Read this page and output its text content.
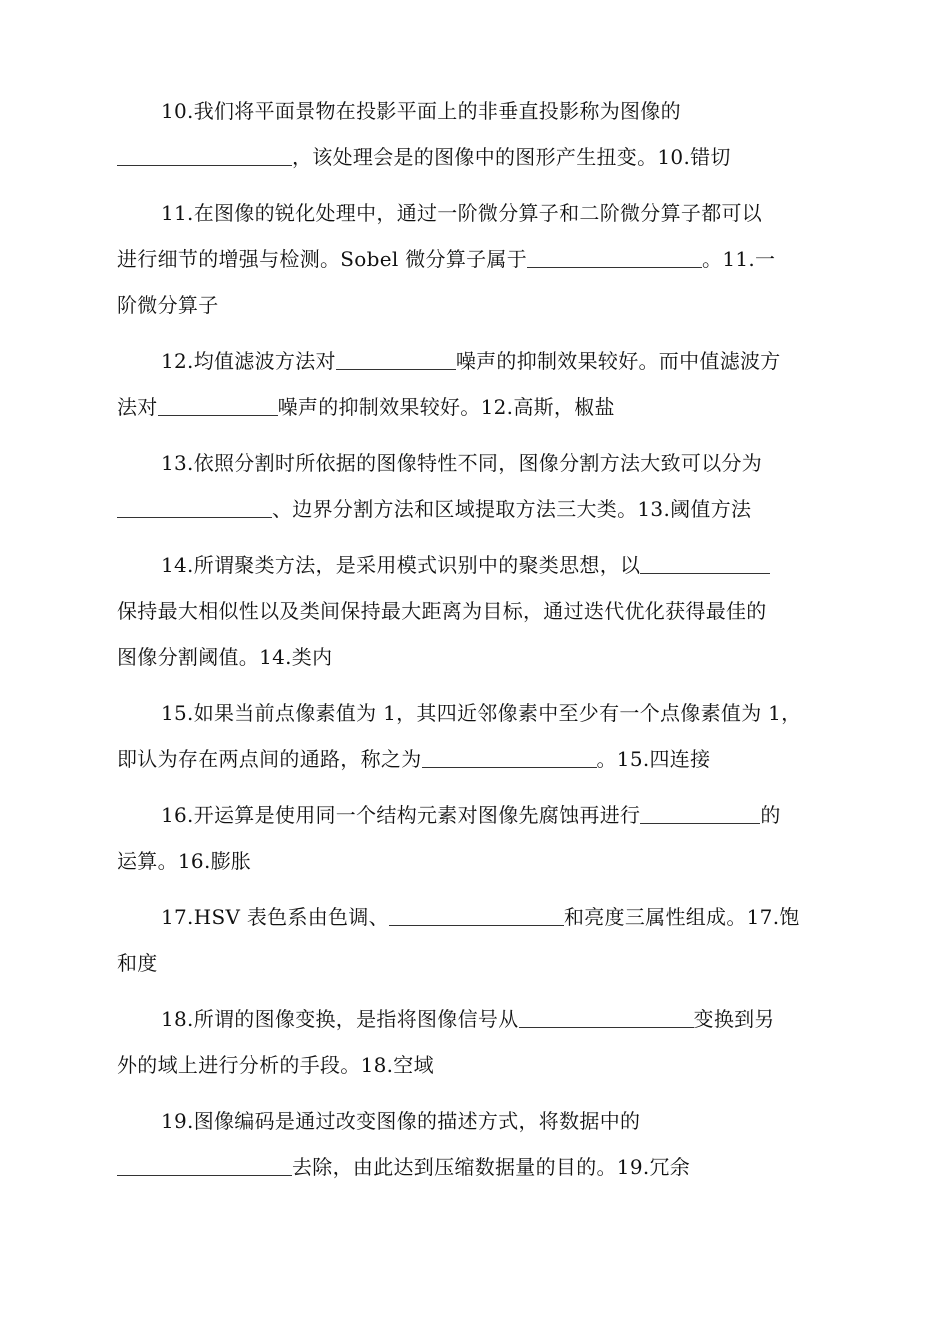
10.我们将平面景物在投影平面上的非垂直投影称为图像的
，该处理会是的图像中的图形产生扭变。10.错切
11.在图像的锐化处理中，通过一阶微分算子和二阶微分算子都可以
进行细节的增强与检测。Sobel 微分算子属于	。11.一
阶微分算子
12.均值滤波方法对	噪声的抑制效果较好。而中值滤波方
法对	噪声的抑制效果较好。12.高斯，椒盐
13.依照分割时所依据的图像特性不同，图像分割方法大致可以分为
、边界分割方法和区域提取方法三大类。13.阈值方法
14.所谓聚类方法，是采用模式识别中的聚类思想，以
保持最大相似性以及类间保持最大距离为目标，通过迭代优化获得最佳的
图像分割阈值。14.类内
15.如果当前点像素值为 1，其四近邻像素中至少有一个点像素值为 1，
即认为存在两点间的通路，称之为	。15.四连接
16.开运算是使用同一个结构元素对图像先腐蚀再进行	的
运算。16.膨胀
17.HSV 表色系由色调、	和亮度三属性组成。17.饱
和度
18.所谓的图像变换，是指将图像信号从	变换到另
外的域上进行分析的手段。18.空域
19.图像编码是通过改变图像的描述方式，将数据中的
去除，由此达到压缩数据量的目的。19.冗余
